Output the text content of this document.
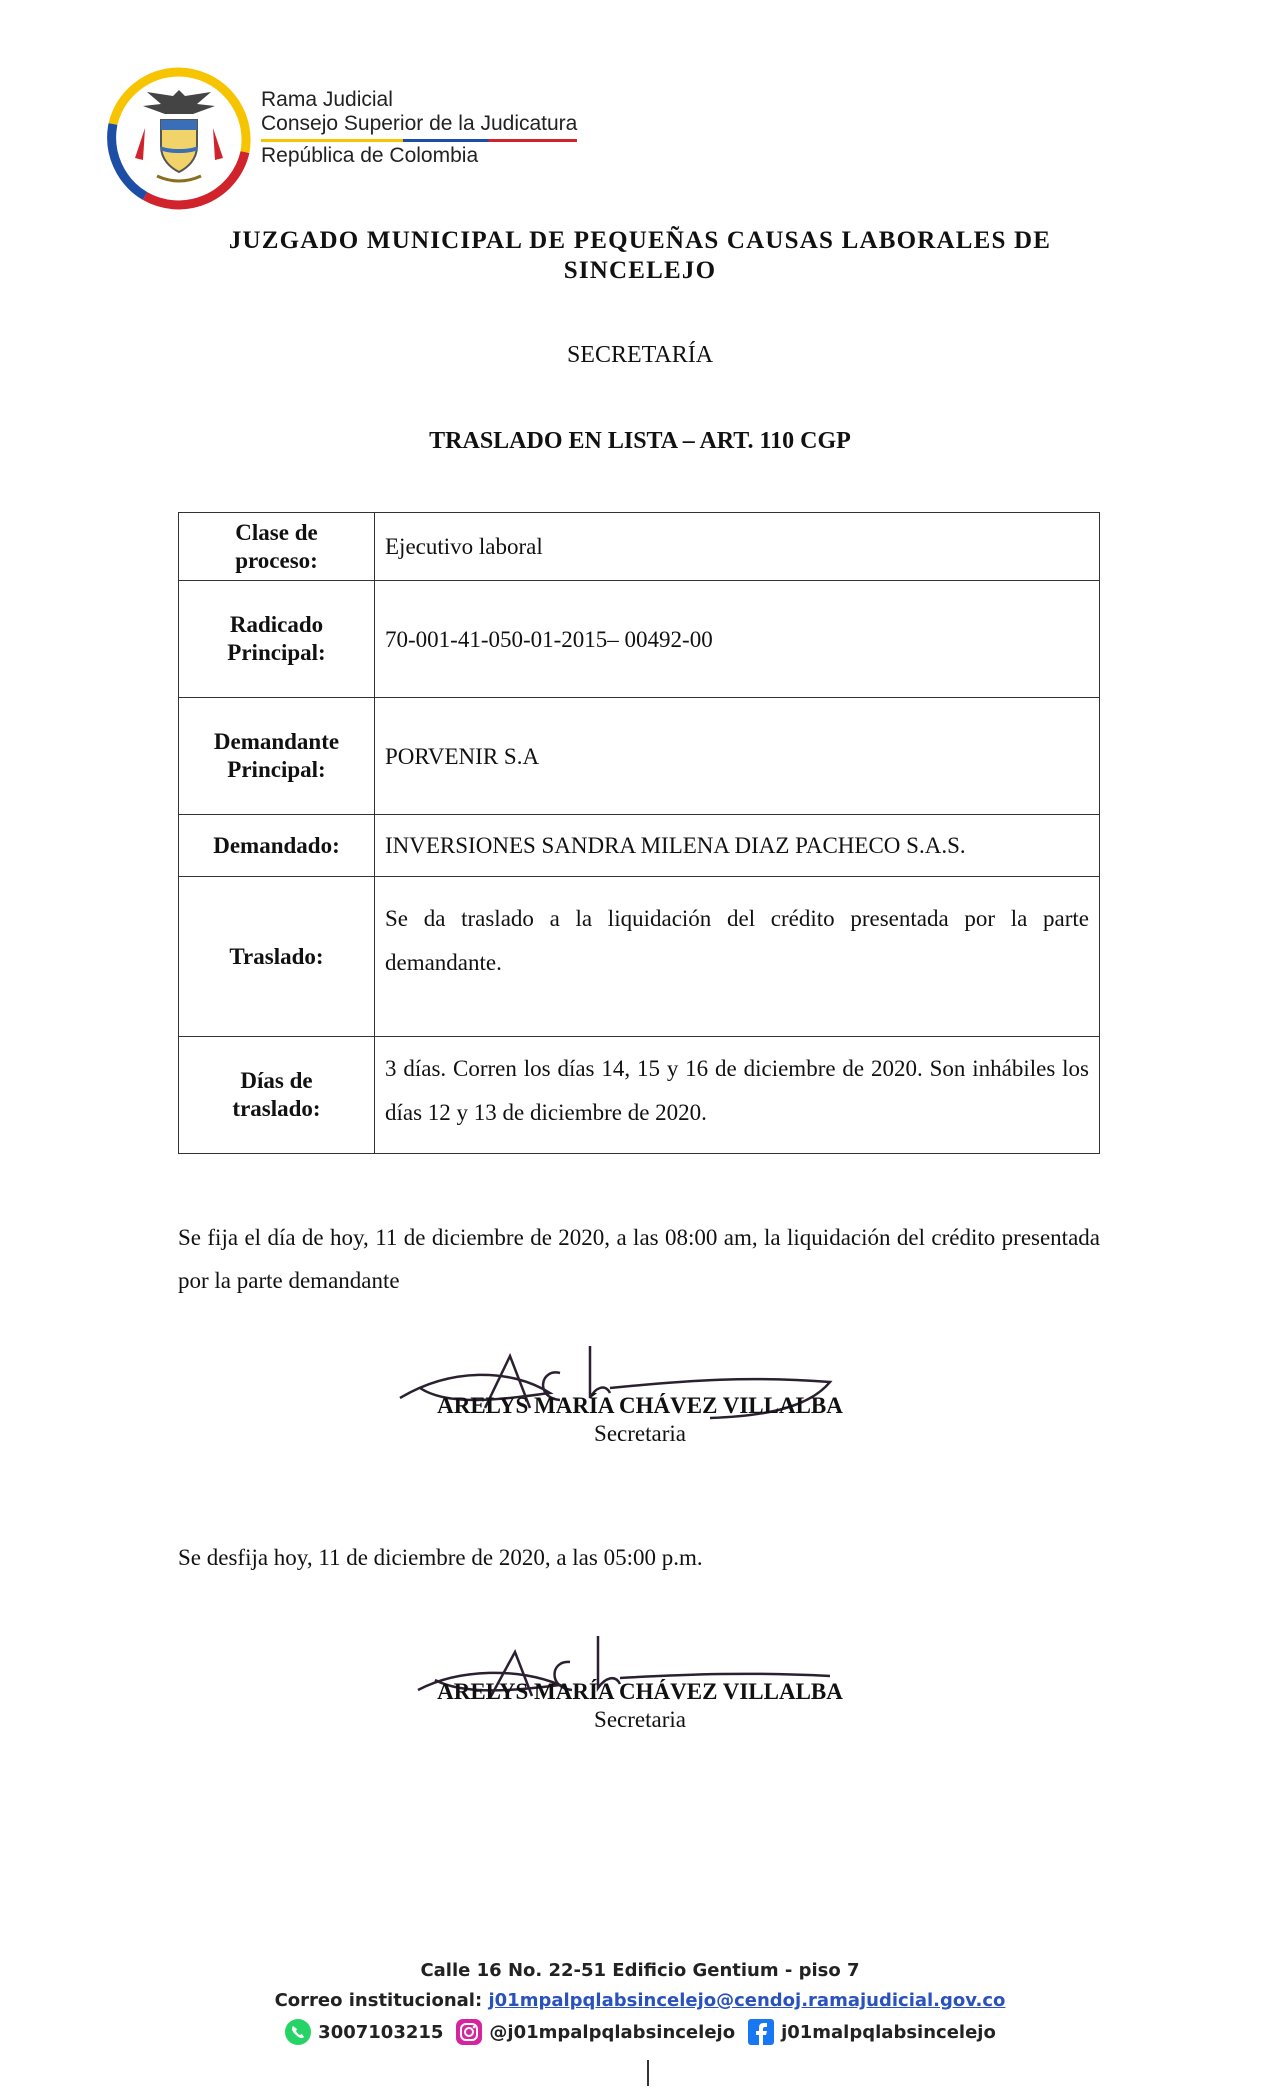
Rama Judicial
Consejo Superior de la Judicatura
República de Colombia
JUZGADO MUNICIPAL DE PEQUEÑAS CAUSAS LABORALES DE
SINCELEJO
SECRETARÍA
TRASLADO EN LISTA – ART. 110 CGP
Clase de
proceso:	Ejecutivo laboral

Radicado
Principal:	70-001-41-050-01-2015– 00492-00

Demandante
Principal:	PORVENIR S.A

Demandado:	INVERSIONES SANDRA MILENA DIAZ PACHECO S.A.S.

Traslado:	Se da traslado a la liquidación del crédito presentada por la parte demandante.

Días de
traslado:	3 días. Corren los días 14, 15 y 16 de diciembre de 2020. Son inhábiles los días 12 y 13 de diciembre de 2020.
Se fija el día de hoy, 11 de diciembre de 2020, a las 08:00 am, la liquidación del crédito presentada por la parte demandante
ARELYS MARÍA CHÁVEZ VILLALBA
Secretaria
Se desfija hoy, 11 de diciembre de 2020, a las 05:00 p.m.
ARELYS MARÍA CHÁVEZ VILLALBA
Secretaria
Calle 16 No. 22-51 Edificio Gentium - piso 7
Correo institucional: j01mpalpqlabsincelejo@cendoj.ramajudicial.gov.co
3007103215	@j01mpalpqlabsincelejo	j01malpqlabsincelejo
